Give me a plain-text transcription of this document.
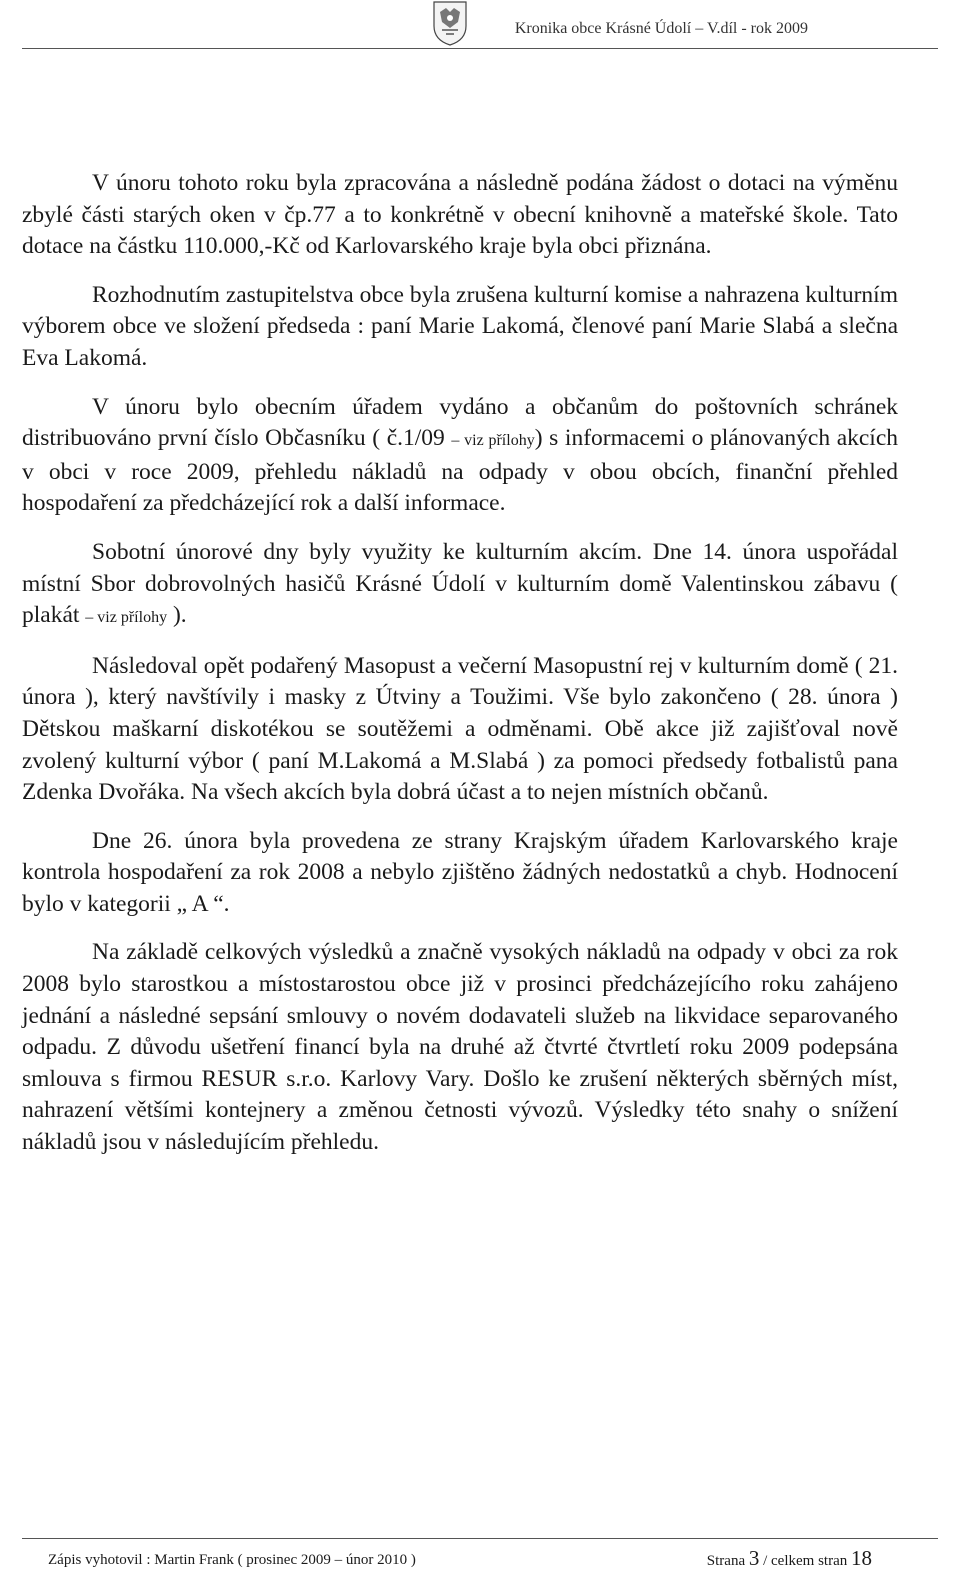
Kronika obce Krásné Údolí – V.díl - rok 2009

V únoru tohoto roku byla zpracována a následně podána žádost o dotaci na výměnu zbylé části starých oken v čp.77 a to konkrétně v obecní knihovně a mateřské škole. Tato dotace na částku 110.000,-Kč od Karlovarského kraje byla obci přiznána.

Rozhodnutím zastupitelstva obce byla zrušena kulturní komise a nahrazena kulturním výborem obce ve složení předseda : paní Marie Lakomá, členové paní Marie Slabá a slečna Eva Lakomá.

V únoru bylo obecním úřadem vydáno a občanům do poštovních schránek distribuováno první číslo Občasníku ( č.1/09 – viz přílohy) s informacemi o plánovaných akcích v obci v roce 2009, přehledu nákladů na odpady v obou obcích, finanční přehled hospodaření za předcházející rok a další informace.

Sobotní únorové dny byly využity ke kulturním akcím. Dne 14. února uspořádal místní Sbor dobrovolných hasičů Krásné Údolí v kulturním domě Valentinskou zábavu ( plakát – viz přílohy ).

Následoval opět podařený Masopust a večerní Masopustní rej v kulturním domě ( 21. února ), který navštívily i masky z Útviny a Toužimi. Vše bylo zakončeno ( 28. února ) Dětskou maškarní diskotékou se soutěžemi a odměnami. Obě akce již zajišťoval nově zvolený kulturní výbor ( paní M.Lakomá a M.Slabá ) za pomoci předsedy fotbalistů pana Zdenka Dvořáka. Na všech akcích byla dobrá účast a to nejen místních občanů.

Dne 26. února byla provedena ze strany Krajským úřadem Karlovarského kraje kontrola hospodaření za rok 2008 a nebylo zjištěno žádných nedostatků a chyb. Hodnocení bylo v kategorii „ A “.

Na základě celkových výsledků a značně vysokých nákladů na odpady v obci za rok 2008 bylo starostkou a místostarostou obce již v prosinci předcházejícího roku zahájeno jednání a následné sepsání smlouvy o novém dodavateli služeb na likvidace separovaného odpadu. Z důvodu ušetření financí byla na druhé až čtvrté čtvrtletí roku 2009 podepsána smlouva s firmou RESUR s.r.o. Karlovy Vary. Došlo ke zrušení některých sběrných míst, nahrazení většími kontejnery a změnou četnosti vývozů. Výsledky této snahy o snížení nákladů jsou v následujícím přehledu.

Zápis vyhotovil : Martin Frank ( prosinec 2009 – únor 2010 )	Strana 3 / celkem stran 18
